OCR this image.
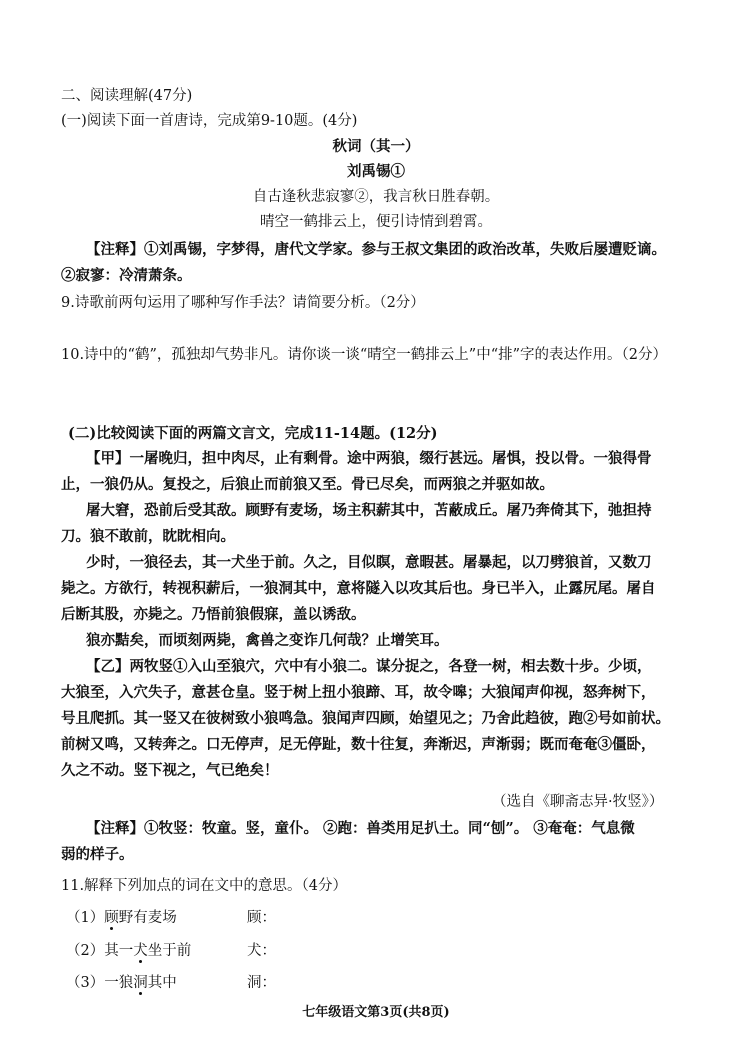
二、阅读理解(47分)
(一)阅读下面一首唐诗，完成第9-10题。(4分)
秋词（其一）
刘禹锡①
自古逢秋悲寂寥②，我言秋日胜春朝。
晴空一鹤排云上，便引诗情到碧霄。
【注释】①刘禹锡，字梦得，唐代文学家。参与王叔文集团的政治改革，失败后屡遭贬谪。
②寂寥：冷清萧条。
9.诗歌前两句运用了哪种写作手法？请简要分析。（2分）
10.诗中的“鹤”，孤独却气势非凡。请你谈一谈“晴空一鹤排云上”中“排”字的表达作用。（2分）
(二)比较阅读下面的两篇文言文，完成11-14题。(12分)
【甲】一屠晚归，担中肉尽，止有剩骨。途中两狼，缀行甚远。屠惧，投以骨。一狼得骨
止，一狼仍从。复投之，后狼止而前狼又至。骨已尽矣，而两狼之并驱如故。
屠大窘，恐前后受其敌。顾野有麦场，场主积薪其中，苫蔽成丘。屠乃奔倚其下，弛担持
刀。狼不敢前，眈眈相向。
少时，一狼径去，其一犬坐于前。久之，目似瞑，意暇甚。屠暴起，以刀劈狼首，又数刀
毙之。方欲行，转视积薪后，一狼洞其中，意将隧入以攻其后也。身已半入，止露尻尾。屠自
后断其股，亦毙之。乃悟前狼假寐，盖以诱敌。
狼亦黠矣，而顷刻两毙，禽兽之变诈几何哉？止增笑耳。
【乙】两牧竖①入山至狼穴，穴中有小狼二。谋分捉之，各登一树，相去数十步。少顷，
大狼至，入穴失子，意甚仓皇。竖于树上扭小狼蹄、耳，故令嗥；大狼闻声仰视，怒奔树下，
号且爬抓。其一竖又在彼树致小狼鸣急。狼闻声四顾，始望见之；乃舍此趋彼，跑②号如前状。
前树又鸣，又转奔之。口无停声，足无停趾，数十往复，奔渐迟，声渐弱；既而奄奄③僵卧，
久之不动。竖下视之，气已绝矣！
（选自《聊斋志异·牧竖》）
【注释】①牧竖：牧童。竖，童仆。 ②跑：兽类用足扒土。同“刨”。 ③奄奄：气息微
弱的样子。
11.解释下列加点的词在文中的意思。（4分）
（1）顾野有麦场	顾：
（2）其一犬坐于前	犬：
（3）一狼洞其中	洞：
七年级语文第3页(共8页)
